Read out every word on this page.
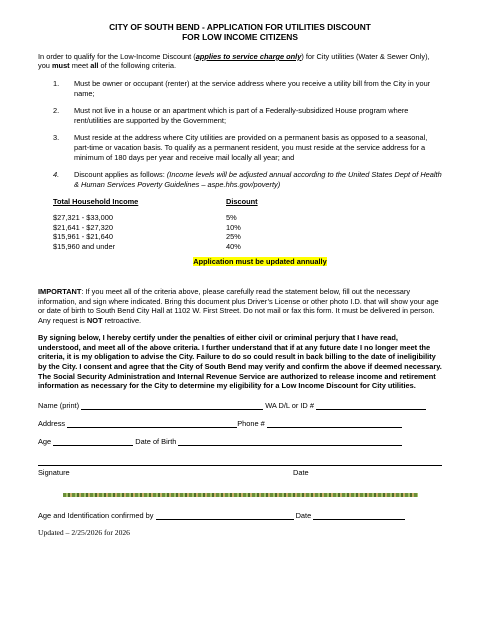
CITY OF SOUTH BEND - APPLICATION FOR UTILITIES DISCOUNT
FOR LOW INCOME CITIZENS

In order to qualify for the Low-Income Discount (applies to service charge only) for City utilities (Water & Sewer Only), you must meet all of the following criteria.

1. Must be owner or occupant (renter) at the service address where you receive a utility bill from the City in your name;
2. Must not live in a house or an apartment which is part of a Federally-subsidized House program where rent/utilities are supported by the Government;
3. Must reside at the address where City utilities are provided on a permanent basis as opposed to a seasonal, part-time or vacation basis. To qualify as a permanent resident, you must reside at the service address for a minimum of 180 days per year and receive mail locally all year; and
4. Discount applies as follows: (Income levels will be adjusted annual according to the United States Dept of Health & Human Services Poverty Guidelines – aspe.hhs.gov/poverty)
Total Household Income	Discount

$27,321 - $33,000	5%
$21,641 - $27,320	10%
$15,961 - $21,640	25%
$15,960 and under	40%
Application must be updated annually

IMPORTANT: If you meet all of the criteria above, please carefully read the statement below, fill out the necessary information, and sign where indicated. Bring this document plus Driver’s License or other photo I.D. that will show your age or date of birth to South Bend City Hall at 1102 W. First Street. Do not mail or fax this form. It must be delivered in person. Any request is NOT retroactive.

By signing below, I hereby certify under the penalties of either civil or criminal perjury that I have read, understood, and meet all of the above criteria. I further understand that if at any future date I no longer meet the criteria, it is my obligation to advise the City. Failure to do so could result in back billing to the date of ineligibility by the City. I consent and agree that the City of South Bend may verify and confirm the above if deemed necessary. The Social Security Administration and Internal Revenue Service are authorized to release income and retirement information as necessary for the City to determine my eligibility for a Low Income Discount for City utilities.

Name (print)	WA D/L or ID #
Address	Phone #
Age	Date of Birth
Signature	Date
Age and Identification confirmed by	Date
Updated – 2/25/2026 for 2026
